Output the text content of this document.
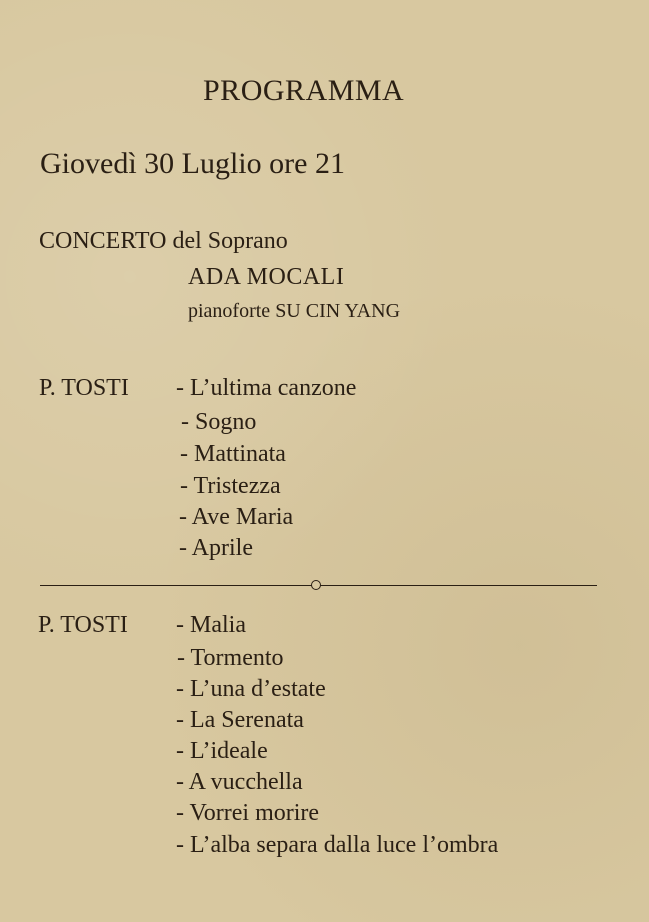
PROGRAMMA
Giovedì 30 Luglio ore 21
CONCERTO del Soprano
ADA MOCALI
pianoforte SU CIN YANG
P. TOSTI - L’ultima canzone
- Sogno
- Mattinata
- Tristezza
- Ave Maria
- Aprile
P. TOSTI - Malia
- Tormento
- L’una d’estate
- La Serenata
- L’ideale
- A vucchella
- Vorrei morire
- L’alba separa dalla luce l’ombra
